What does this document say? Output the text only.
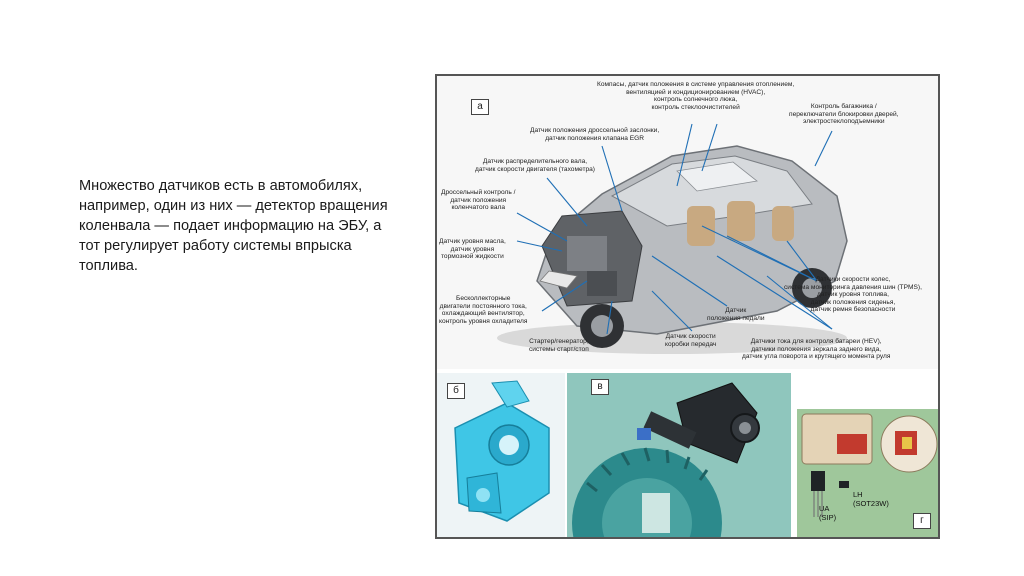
Множество датчиков есть в автомобилях, например, один из них — детектор вращения коленвала — подает информацию на ЭБУ, а тот регулирует работу системы впрыска топлива.
а
Компасы, датчик положения в системе управления отоплением,
вентиляцией и кондиционированием (HVAC),
контроль солнечного люка,
контроль стеклоочистителей	Контроль багажника /
переключатели блокировки дверей,
электростеклоподъемники
Датчик положения дроссельной заслонки,
датчик положения клапана EGR
Датчик распределительного вала,
датчик скорости двигателя (тахометра)
Дроссельный контроль /
датчик положения
коленчатого вала
Датчик уровня масла,
датчик уровня
тормозной жидкости
Датчики скорости колес,
система мониторинга давления шин (TPMS),
датчик уровня топлива,
датчик положения сиденья,
датчик ремня безопасности
Бесколлекторные
двигатели постоянного тока,
охлаждающий вентилятор,
контроль уровня охладителя
Датчик
положения педали
Стартер/генератор,
системы старт/стоп
Датчик скорости
коробки передач	Датчики тока для контроля батареи (HEV),
датчики положения зеркала заднего вида,
датчик угла поворота и крутящего момента руля
б	в
UA
(SIP)
LH
(SOT23W)
г
